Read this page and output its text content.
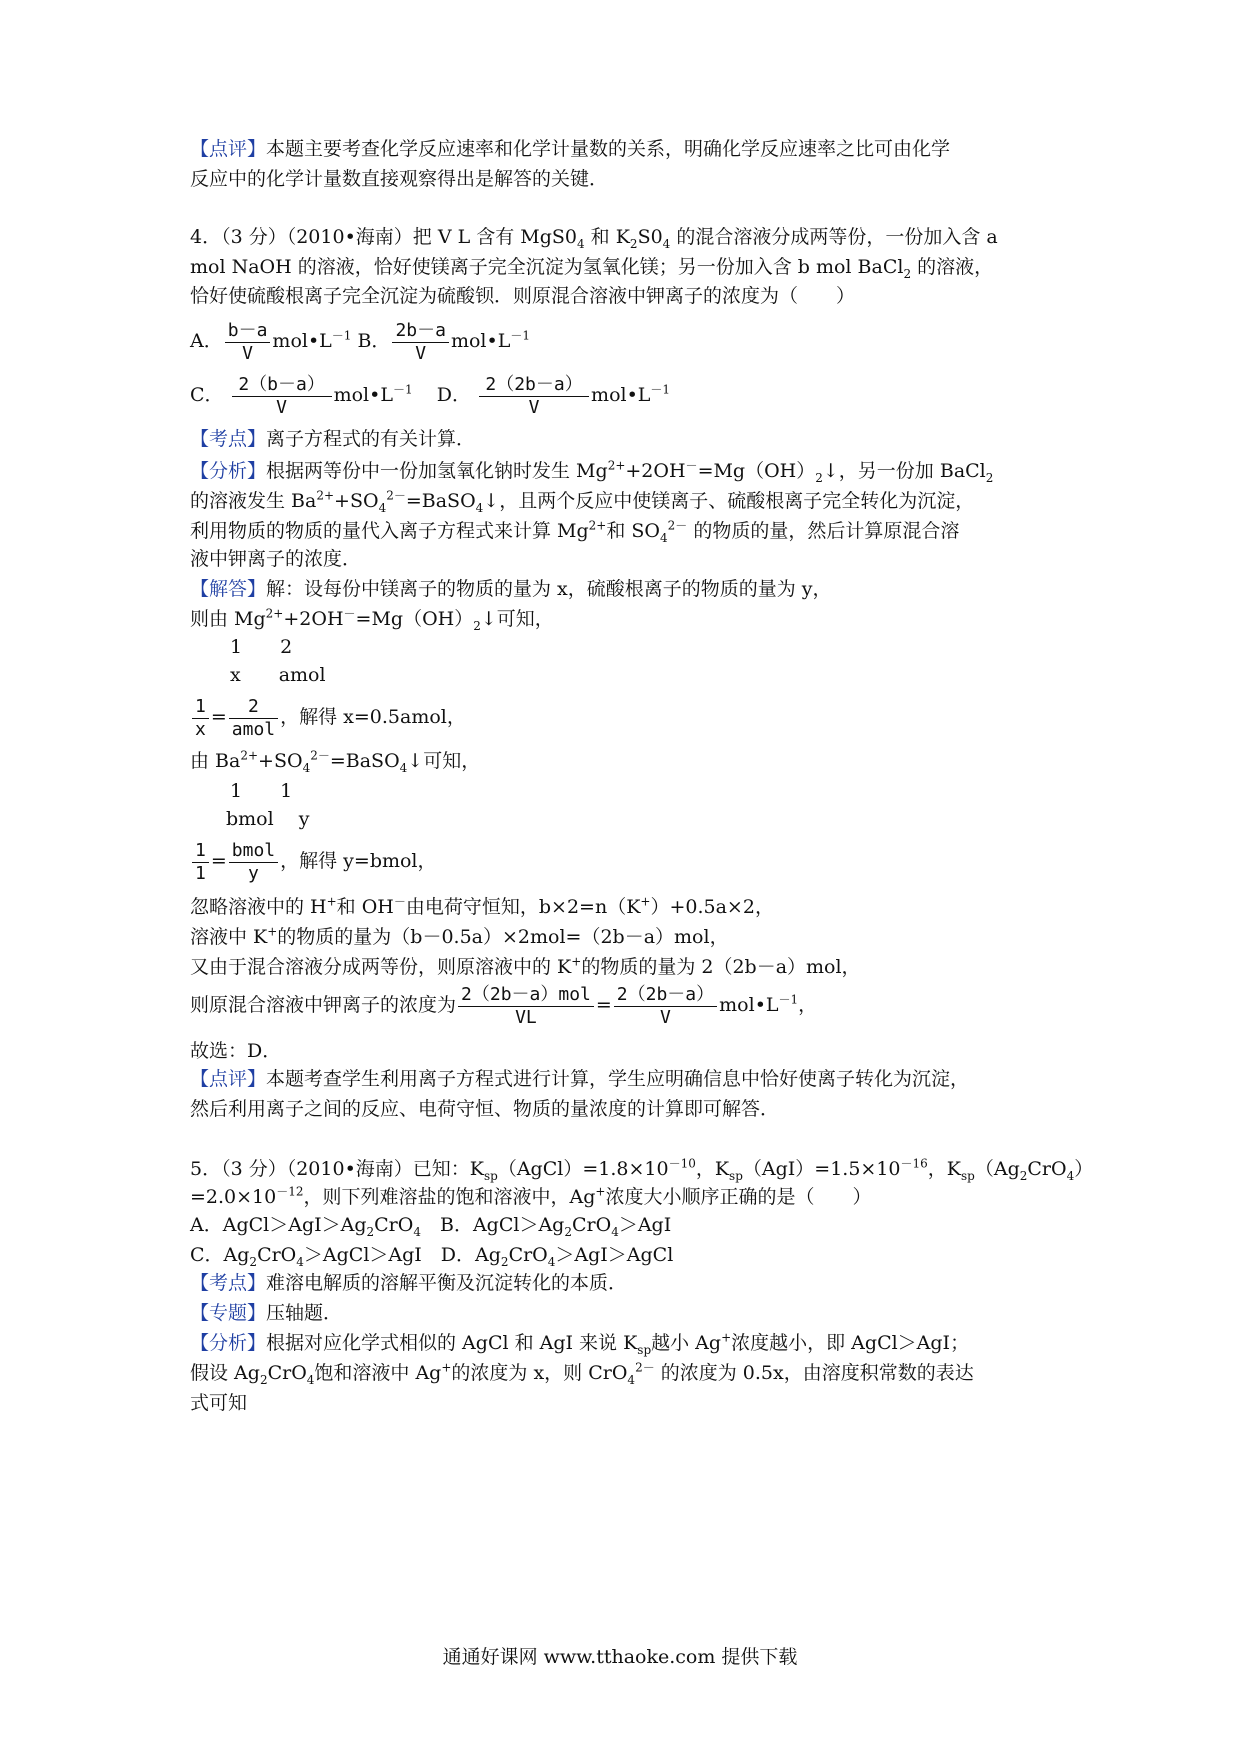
【点评】本题主要考查化学反应速率和化学计量数的关系，明确化学反应速率之比可由化学
反应中的化学计量数直接观察得出是解答的关键．
4．（3 分）（2010•海南）把 V L 含有 $MgS0_4$ 和 $K_2S0_4$ 的混合溶液分成两等份，一份加入含 a
mol NaOH 的溶液，恰好使镁离子完全沉淀为氢氧化镁；另一份加入含 b mol BaCl$_2$ 的溶液，
恰好使硫酸根离子完全沉淀为硫酸钡．则原混合溶液中钾离子的浓度为（　　）
A． $\frac{b-a}{V}$ $mol•L^{-1}$ B． $\frac{2b-a}{V}$ $mol•L^{-1}$
C． $\frac{2(b-a)}{V}$ $mol•L^{-1}$ D． $\frac{2(2b-a)}{V}$ $mol•L^{-1}$
【考点】离子方程式的有关计算．
【分析】根据两等份中一份加氢氧化钠时发生 $Mg^{2+}+2OH^-=Mg(OH)_2↓$，另一份加 BaCl$_2$
的溶液发生 $Ba^{2+}+SO_4^{2-}=BaSO_4↓$，且两个反应中使镁离子、硫酸根离子完全转化为沉淀，
利用物质的物质的量代入离子方程式来计算 $Mg^{2+}$和 $SO_4^{2-}$ 的物质的量，然后计算原混合溶
液中钾离子的浓度．
【解答】解：设每份中镁离子的物质的量为 x，硫酸根离子的物质的量为 y，
则由 $Mg^{2+}+2OH^-=Mg(OH)_2↓$可知，
1　　2
x　　amol
$\frac{1}{x} = \frac{2}{\text{amol}}$ ，解得 x=0.5amol，
由 $Ba^{2+}+SO_4^{2-}=BaSO_4↓$可知，
1　　1
bmol　 y
$\frac{1}{1} = \frac{\text{bmol}}{y}$ ，解得 y=bmol，
忽略溶液中的 H+和 OH－由电荷守恒知，b×2=n（K+）+0.5a×2，
溶液中 K+的物质的量为（b－0.5a）×2mol=（2b－a）mol，
又由于混合溶液分成两等份，则原溶液中的 K+的物质的量为 2（2b－a）mol，
则原混合溶液中钾离子的浓度为 $\frac{\text{2（2b－a）mol}}{VL} = \frac{2(2b-a)}{V}$ $mol•L^{-1}$，
故选：D．
【点评】本题考查学生利用离子方程式进行计算，学生应明确信息中恰好使离子转化为沉淀，
然后利用离子之间的反应、电荷守恒、物质的量浓度的计算即可解答．
5．（3 分）（2010•海南）已知：$K_{sp}(AgCl)=1.8\times 10^{-10}$，$K_{sp}(AgI)=1.5\times 10^{-16}$，$K_{sp}(Ag_2CrO_4)$
$=2.0\times 10^{-12}$，则下列难溶盐的饱和溶液中，Ag+浓度大小顺序正确的是（　　）
A．$AgCl>AgI>Ag_2CrO_4$　B．$AgCl>Ag_2CrO_4>AgI$
C．$Ag_2CrO_4>AgCl>AgI$　D．$Ag_2CrO_4>AgI>AgCl$
【考点】难溶电解质的溶解平衡及沉淀转化的本质．
【专题】压轴题．
【分析】根据对应化学式相似的 AgCl 和 AgI 来说 $K_{sp}$越小 Ag+浓度越小，即 AgCl＞AgI；
假设 $Ag_2CrO_4$饱和溶液中 Ag+的浓度为 x，则 CrO$_4^{2-}$ 的浓度为 0.5x，由溶度积常数的表达
式可知
通通好课网 www.tthaoke.com 提供下载
